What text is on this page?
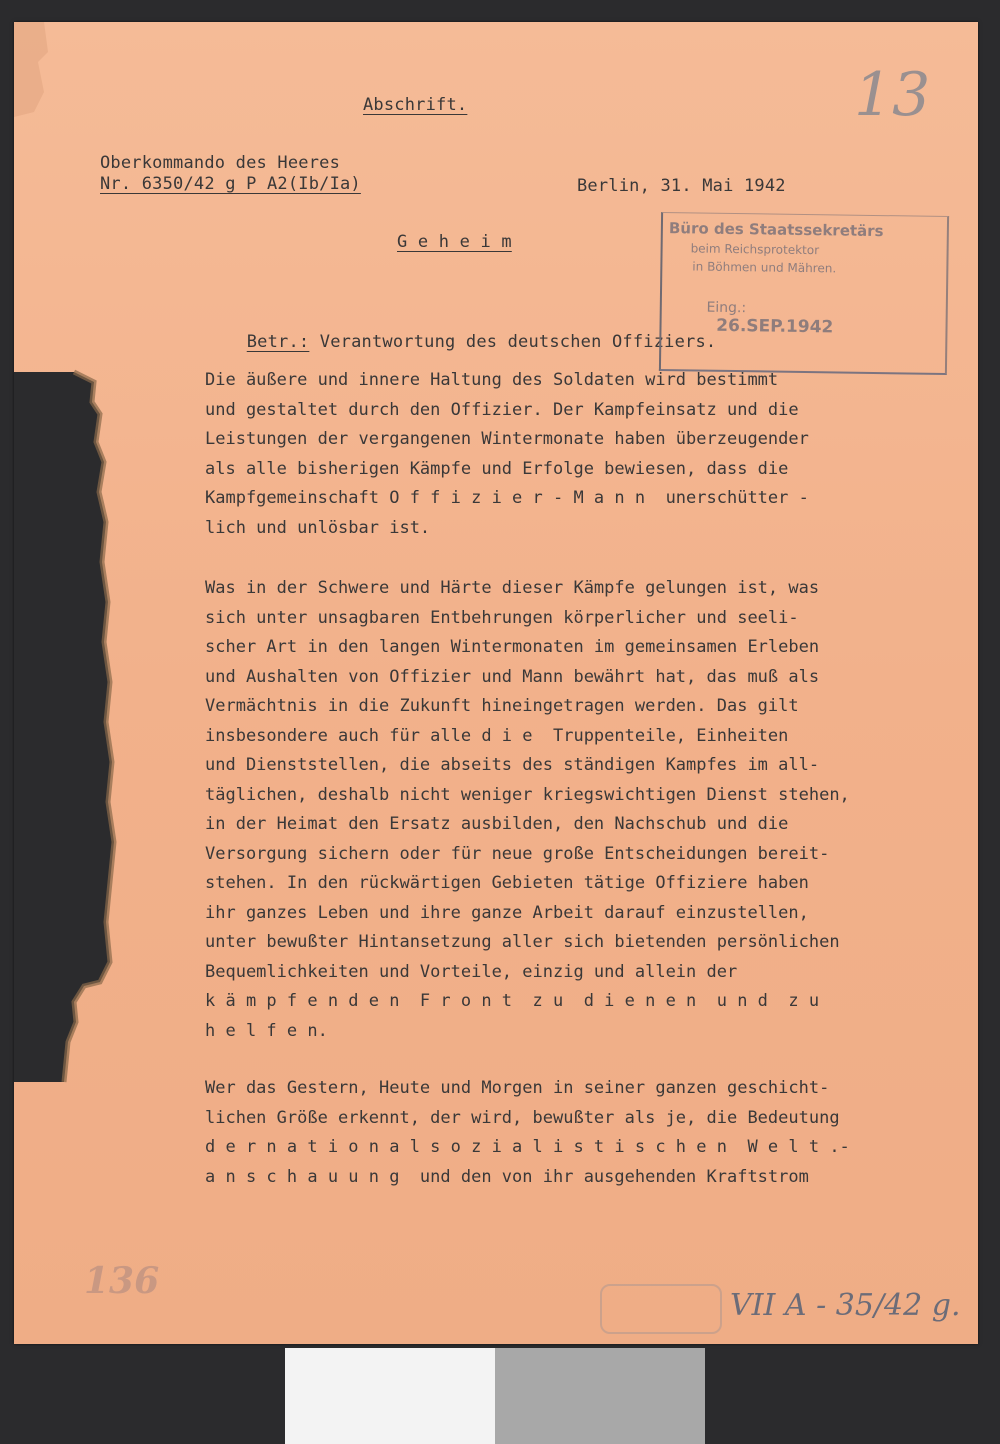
Abschrift.
Oberkommando des Heeres
Nr. 6350/42 g P A2(Ib/Ia)	Berlin, 31. Mai 1942
G e h e i m

Betr.: Verantwortung des deutschen Offiziers.

Büro des Staatssekretärs
beim Reichsprotektor
in Böhmen und Mähren.

Eing.:
26.SEP.1942

13
Die äußere und innere Haltung des Soldaten wird bestimmt
und gestaltet durch den Offizier. Der Kampfeinsatz und die
Leistungen der vergangenen Wintermonate haben überzeugender
als alle bisherigen Kämpfe und Erfolge bewiesen, dass die
Kampfgemeinschaft O f f i z i e r - M a n n  unerschütter -
lich und unlösbar ist.
Was in der Schwere und Härte dieser Kämpfe gelungen ist, was
sich unter unsagbaren Entbehrungen körperlicher und seeli-
scher Art in den langen Wintermonaten im gemeinsamen Erleben
und Aushalten von Offizier und Mann bewährt hat, das muß als
Vermächtnis in die Zukunft hineingetragen werden. Das gilt
insbesondere auch für alle d i e  Truppenteile, Einheiten
und Dienststellen, die abseits des ständigen Kampfes im all-
täglichen, deshalb nicht weniger kriegswichtigen Dienst stehen,
in der Heimat den Ersatz ausbilden, den Nachschub und die
Versorgung sichern oder für neue große Entscheidungen bereit-
stehen. In den rückwärtigen Gebieten tätige Offiziere haben
ihr ganzes Leben und ihre ganze Arbeit darauf einzustellen,
unter bewußter Hintansetzung aller sich bietenden persönlichen
Bequemlichkeiten und Vorteile, einzig und allein der
k ä m p f e n d e n  F r o n t  z u  d i e n e n  u n d  z u
h e l f e n.
Wer das Gestern, Heute und Morgen in seiner ganzen geschicht-
lichen Größe erkennt, der wird, bewußter als je, die Bedeutung
d e r n a t i o n a l s o z i a l i s t i s c h e n  W e l t .-
a n s c h a u u n g  und den von ihr ausgehenden Kraftstrom
136
VII A - 35/42 g.
